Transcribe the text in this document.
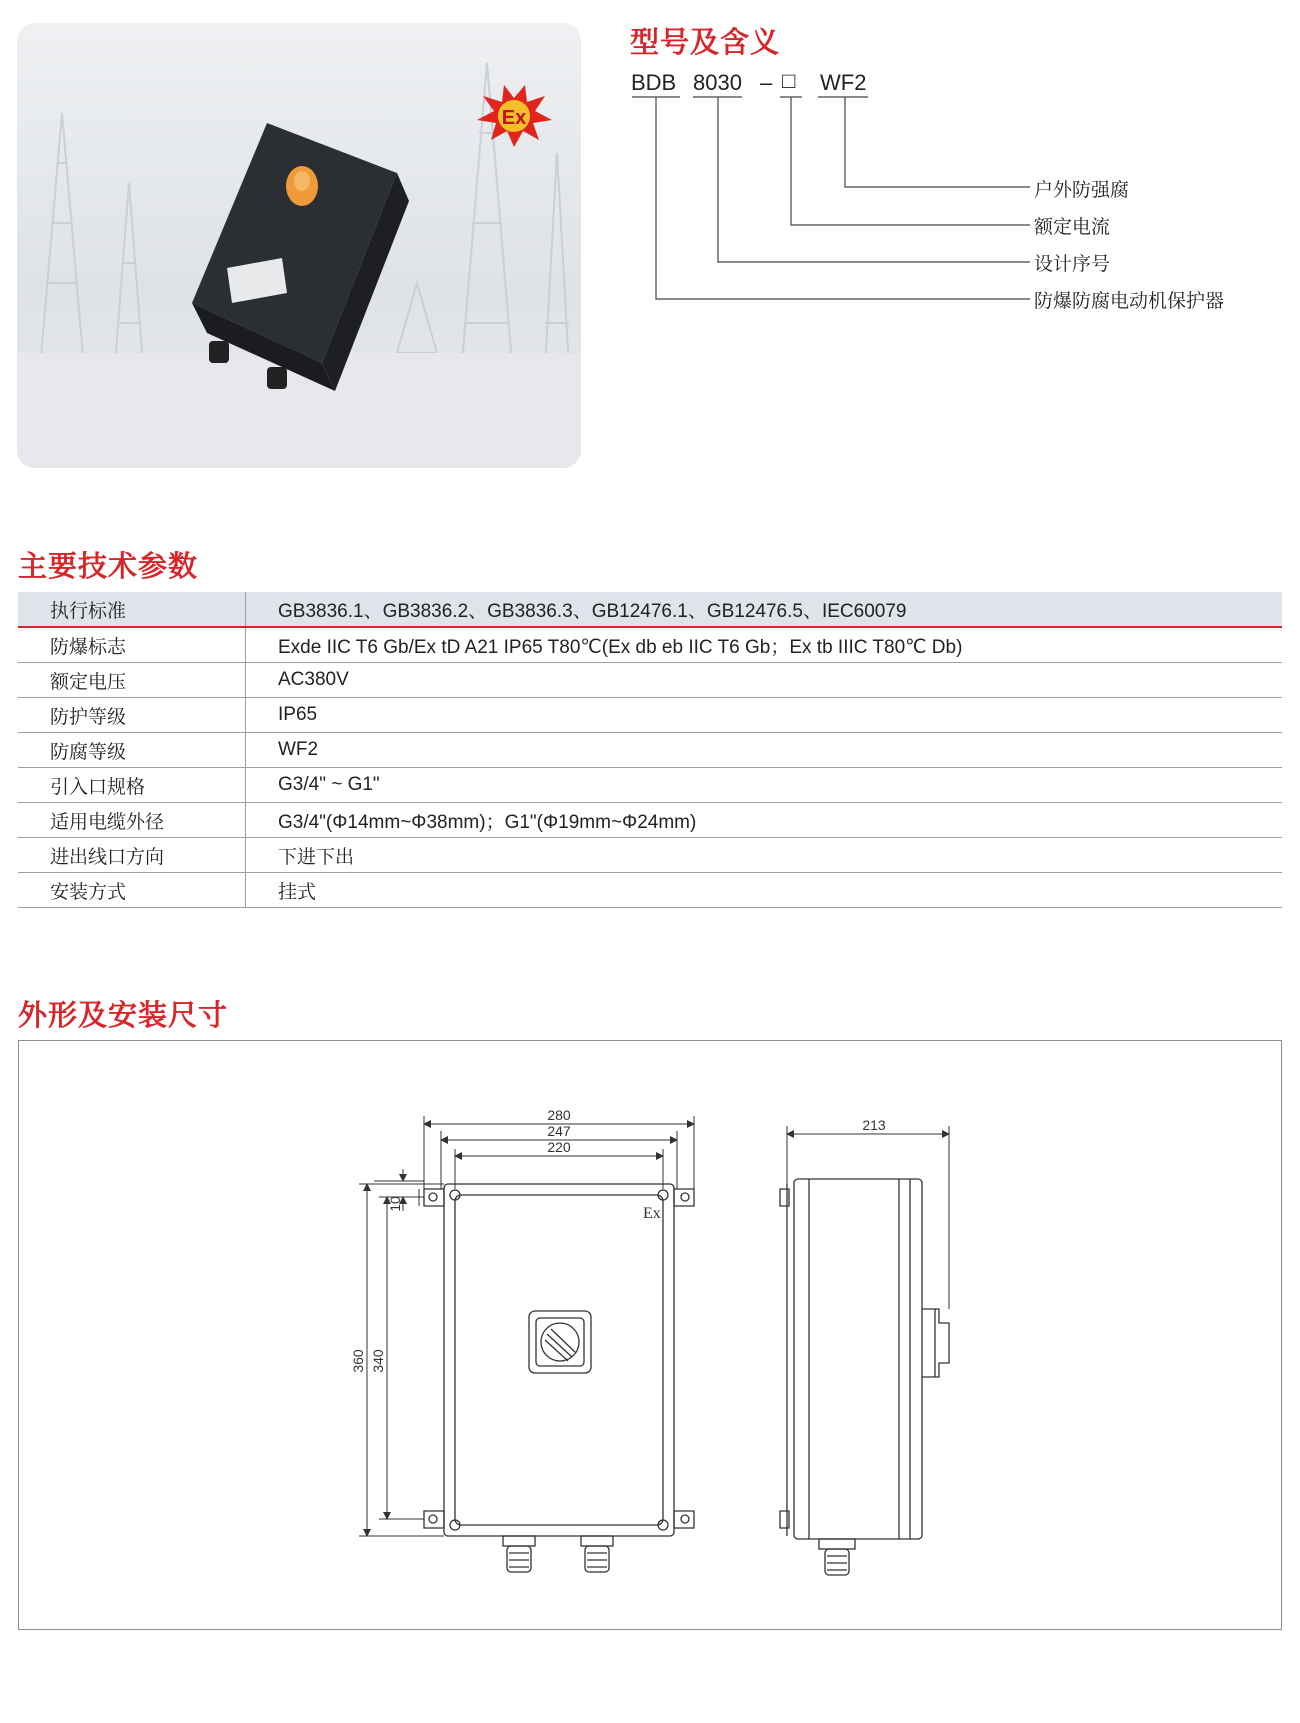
Ex
型号及含义
BDB 8030 – □ WF2
户外防强腐
额定电流
设计序号
防爆防腐电动机保护器
主要技术参数
执行标准	GB3836.1、GB3836.2、GB3836.3、GB12476.1、GB12476.5、IEC60079
防爆标志	Exde IIC T6 Gb/Ex tD A21 IP65 T80℃(Ex db eb IIC T6 Gb；Ex tb IIIC T80℃ Db)
额定电压	AC380V
防护等级	IP65
防腐等级	WF2
引入口规格	G3/4" ~ G1"
适用电缆外径	G3/4"(Φ14mm~Φ38mm)；G1"(Φ19mm~Φ24mm)
进出线口方向	下进下出
安装方式	挂式
外形及安装尺寸
Ex
280
247
220
360 340
10
213
